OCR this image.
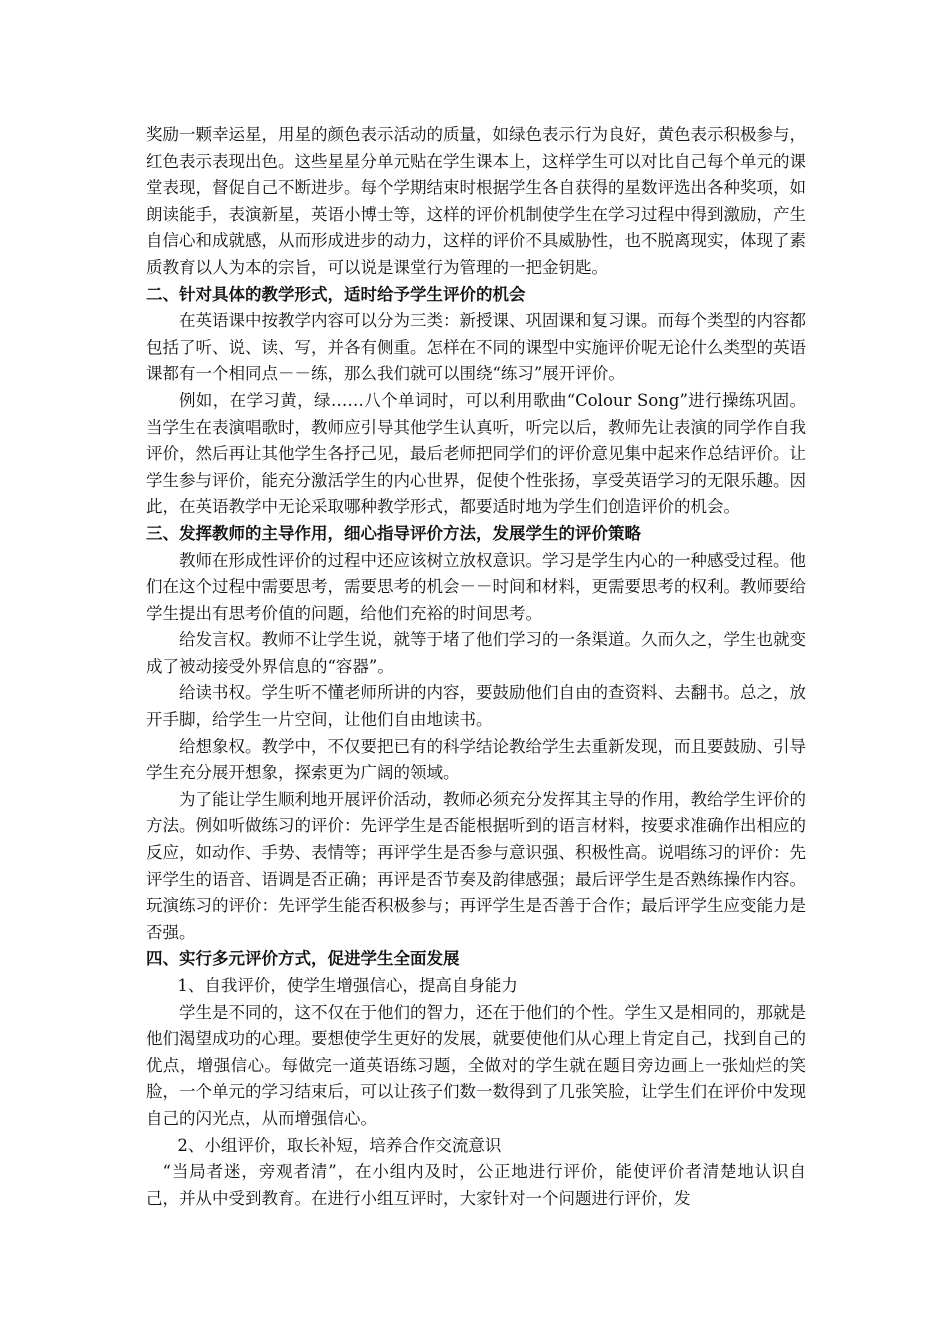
奖励一颗幸运星，用星的颜色表示活动的质量，如绿色表示行为良好，黄色表示积极参与，红色表示表现出色。这些星星分单元贴在学生课本上，这样学生可以对比自己每个单元的课堂表现，督促自己不断进步。每个学期结束时根据学生各自获得的星数评选出各种奖项，如朗读能手，表演新星，英语小博士等，这样的评价机制使学生在学习过程中得到激励，产生自信心和成就感，从而形成进步的动力，这样的评价不具威胁性，也不脱离现实，体现了素质教育以人为本的宗旨，可以说是课堂行为管理的一把金钥匙。

二、针对具体的教学形式，适时给予学生评价的机会

在英语课中按教学内容可以分为三类：新授课、巩固课和复习课。而每个类型的内容都包括了听、说、读、写，并各有侧重。怎样在不同的课型中实施评价呢无论什么类型的英语课都有一个相同点－－练，那么我们就可以围绕“练习”展开评价。

例如，在学习黄，绿……八个单词时，可以利用歌曲“Colour Song”进行操练巩固。当学生在表演唱歌时，教师应引导其他学生认真听，听完以后，教师先让表演的同学作自我评价，然后再让其他学生各抒己见，最后老师把同学们的评价意见集中起来作总结评价。让学生参与评价，能充分激活学生的内心世界，促使个性张扬，享受英语学习的无限乐趣。因此，在英语教学中无论采取哪种教学形式，都要适时地为学生们创造评价的机会。

三、发挥教师的主导作用，细心指导评价方法，发展学生的评价策略

教师在形成性评价的过程中还应该树立放权意识。学习是学生内心的一种感受过程。他们在这个过程中需要思考，需要思考的机会－－时间和材料，更需要思考的权利。教师要给学生提出有思考价值的问题，给他们充裕的时间思考。

给发言权。教师不让学生说，就等于堵了他们学习的一条渠道。久而久之，学生也就变成了被动接受外界信息的“容器”。

给读书权。学生听不懂老师所讲的内容，要鼓励他们自由的查资料、去翻书。总之，放开手脚，给学生一片空间，让他们自由地读书。

给想象权。教学中，不仅要把已有的科学结论教给学生去重新发现，而且要鼓励、引导学生充分展开想象，探索更为广阔的领域。

为了能让学生顺利地开展评价活动，教师必须充分发挥其主导的作用，教给学生评价的方法。例如听做练习的评价：先评学生是否能根据听到的语言材料，按要求准确作出相应的反应，如动作、手势、表情等；再评学生是否参与意识强、积极性高。说唱练习的评价：先评学生的语音、语调是否正确；再评是否节奏及韵律感强；最后评学生是否熟练操作内容。玩演练习的评价：先评学生能否积极参与；再评学生是否善于合作；最后评学生应变能力是否强。

四、实行多元评价方式，促进学生全面发展

1、自我评价，使学生增强信心，提高自身能力

学生是不同的，这不仅在于他们的智力，还在于他们的个性。学生又是相同的，那就是他们渴望成功的心理。要想使学生更好的发展，就要使他们从心理上肯定自己，找到自己的优点，增强信心。每做完一道英语练习题，全做对的学生就在题目旁边画上一张灿烂的笑脸，一个单元的学习结束后，可以让孩子们数一数得到了几张笑脸，让学生们在评价中发现自己的闪光点，从而增强信心。

2、小组评价，取长补短，培养合作交流意识

“当局者迷，旁观者清”，在小组内及时，公正地进行评价，能使评价者清楚地认识自己，并从中受到教育。在进行小组互评时，大家针对一个问题进行评价，发
